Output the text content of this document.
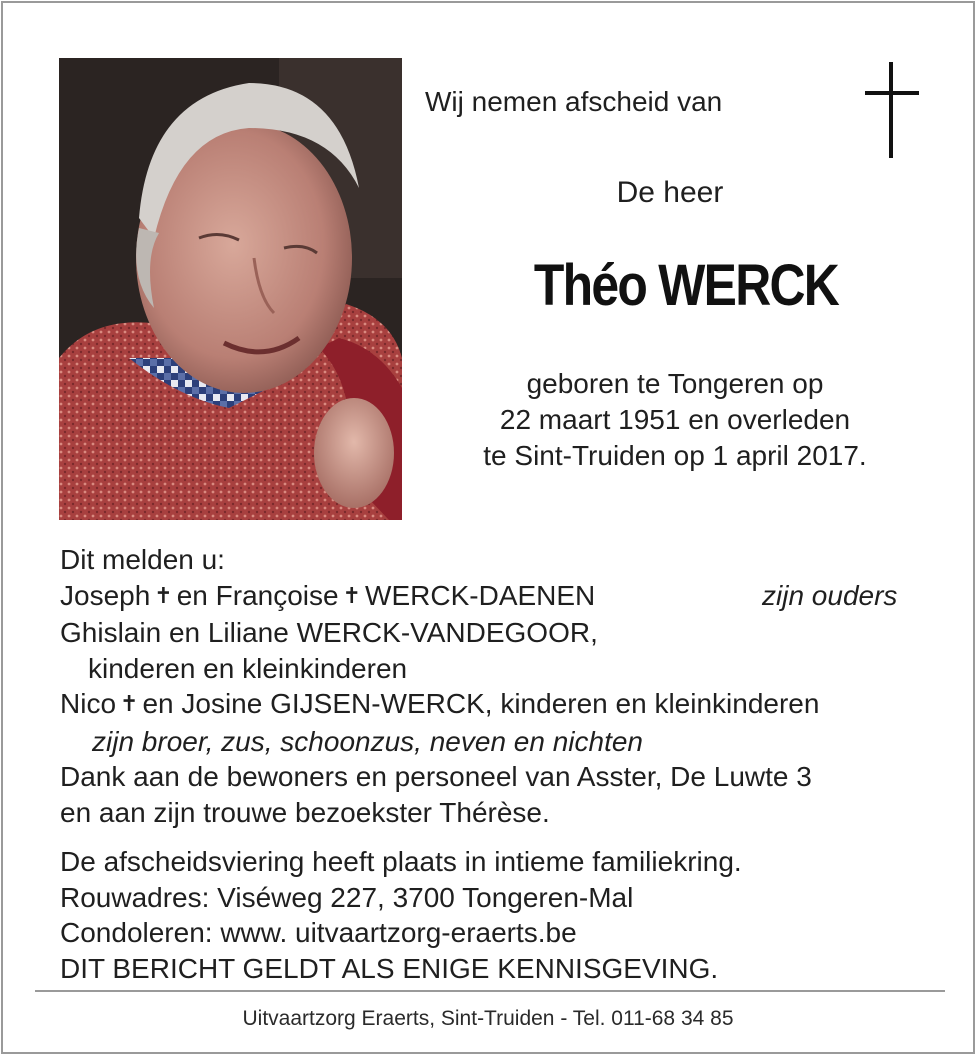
Wij nemen afscheid van
De heer
Théo WERCK
geboren te Tongeren op
22 maart 1951 en overleden
te Sint-Truiden op 1 april 2017.
Dit melden u:
Joseph ✝ en Françoise ✝ WERCK-DAENEN	zijn ouders
Ghislain en Liliane WERCK-VANDEGOOR,
kinderen en kleinkinderen
Nico ✝ en Josine GIJSEN-WERCK, kinderen en kleinkinderen
zijn broer, zus, schoonzus, neven en nichten
Dank aan de bewoners en personeel van Asster, De Luwte 3
en aan zijn trouwe bezoekster Thérèse.
De afscheidsviering heeft plaats in intieme familiekring.
Rouwadres: Viséweg 227, 3700 Tongeren-Mal
Condoleren: www. uitvaartzorg-eraerts.be
DIT BERICHT GELDT ALS ENIGE KENNISGEVING.
Uitvaartzorg Eraerts, Sint-Truiden - Tel. 011-68 34 85
